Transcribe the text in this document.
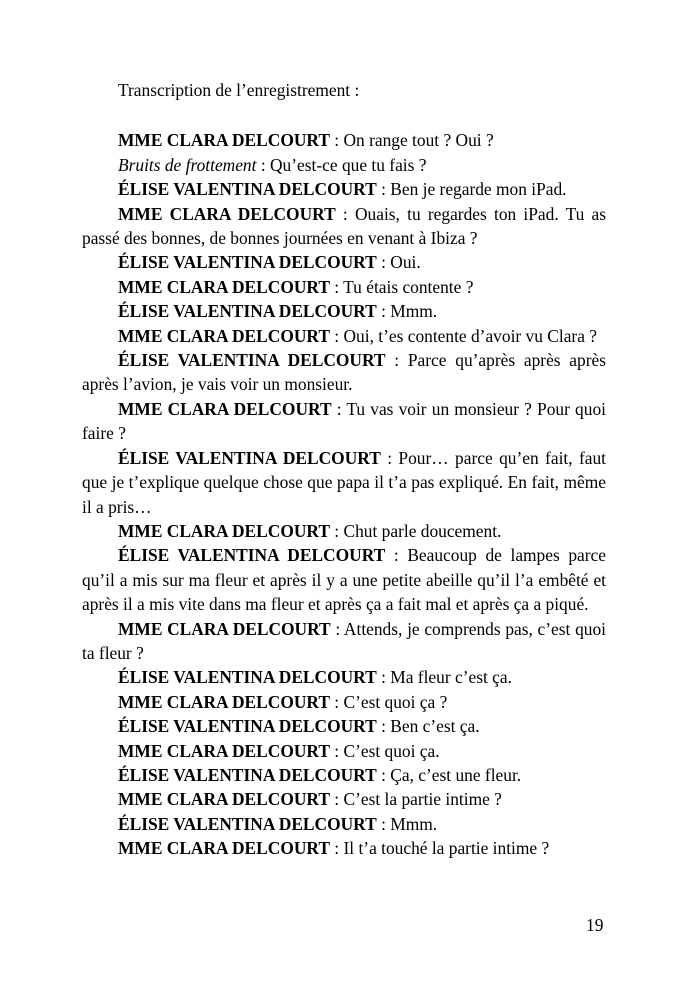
Transcription de l’enregistrement :

MME CLARA DELCOURT : On range tout ? Oui ?

Bruits de frottement : Qu’est-ce que tu fais ?

ÉLISE VALENTINA DELCOURT : Ben je regarde mon iPad.

MME CLARA DELCOURT : Ouais, tu regardes ton iPad. Tu as passé des bonnes, de bonnes journées en venant à Ibiza ?

ÉLISE VALENTINA DELCOURT : Oui.

MME CLARA DELCOURT : Tu étais contente ?

ÉLISE VALENTINA DELCOURT : Mmm.

MME CLARA DELCOURT : Oui, t’es contente d’avoir vu Clara ?

ÉLISE VALENTINA DELCOURT : Parce qu’après après après après l’avion, je vais voir un monsieur.

MME CLARA DELCOURT : Tu vas voir un monsieur ? Pour quoi faire ?

ÉLISE VALENTINA DELCOURT : Pour… parce qu’en fait, faut que je t’explique quelque chose que papa il t’a pas expliqué. En fait, même il a pris…

MME CLARA DELCOURT : Chut parle doucement.

ÉLISE VALENTINA DELCOURT : Beaucoup de lampes parce qu’il a mis sur ma fleur et après il y a une petite abeille qu’il l’a embêté et après il a mis vite dans ma fleur et après ça a fait mal et après ça a piqué.

MME CLARA DELCOURT : Attends, je comprends pas, c’est quoi ta fleur ?

ÉLISE VALENTINA DELCOURT : Ma fleur c’est ça.

MME CLARA DELCOURT : C’est quoi ça ?

ÉLISE VALENTINA DELCOURT : Ben c’est ça.

MME CLARA DELCOURT : C’est quoi ça.

ÉLISE VALENTINA DELCOURT : Ça, c’est une fleur.

MME CLARA DELCOURT : C’est la partie intime ?

ÉLISE VALENTINA DELCOURT : Mmm.

MME CLARA DELCOURT : Il t’a touché la partie intime ?

19
